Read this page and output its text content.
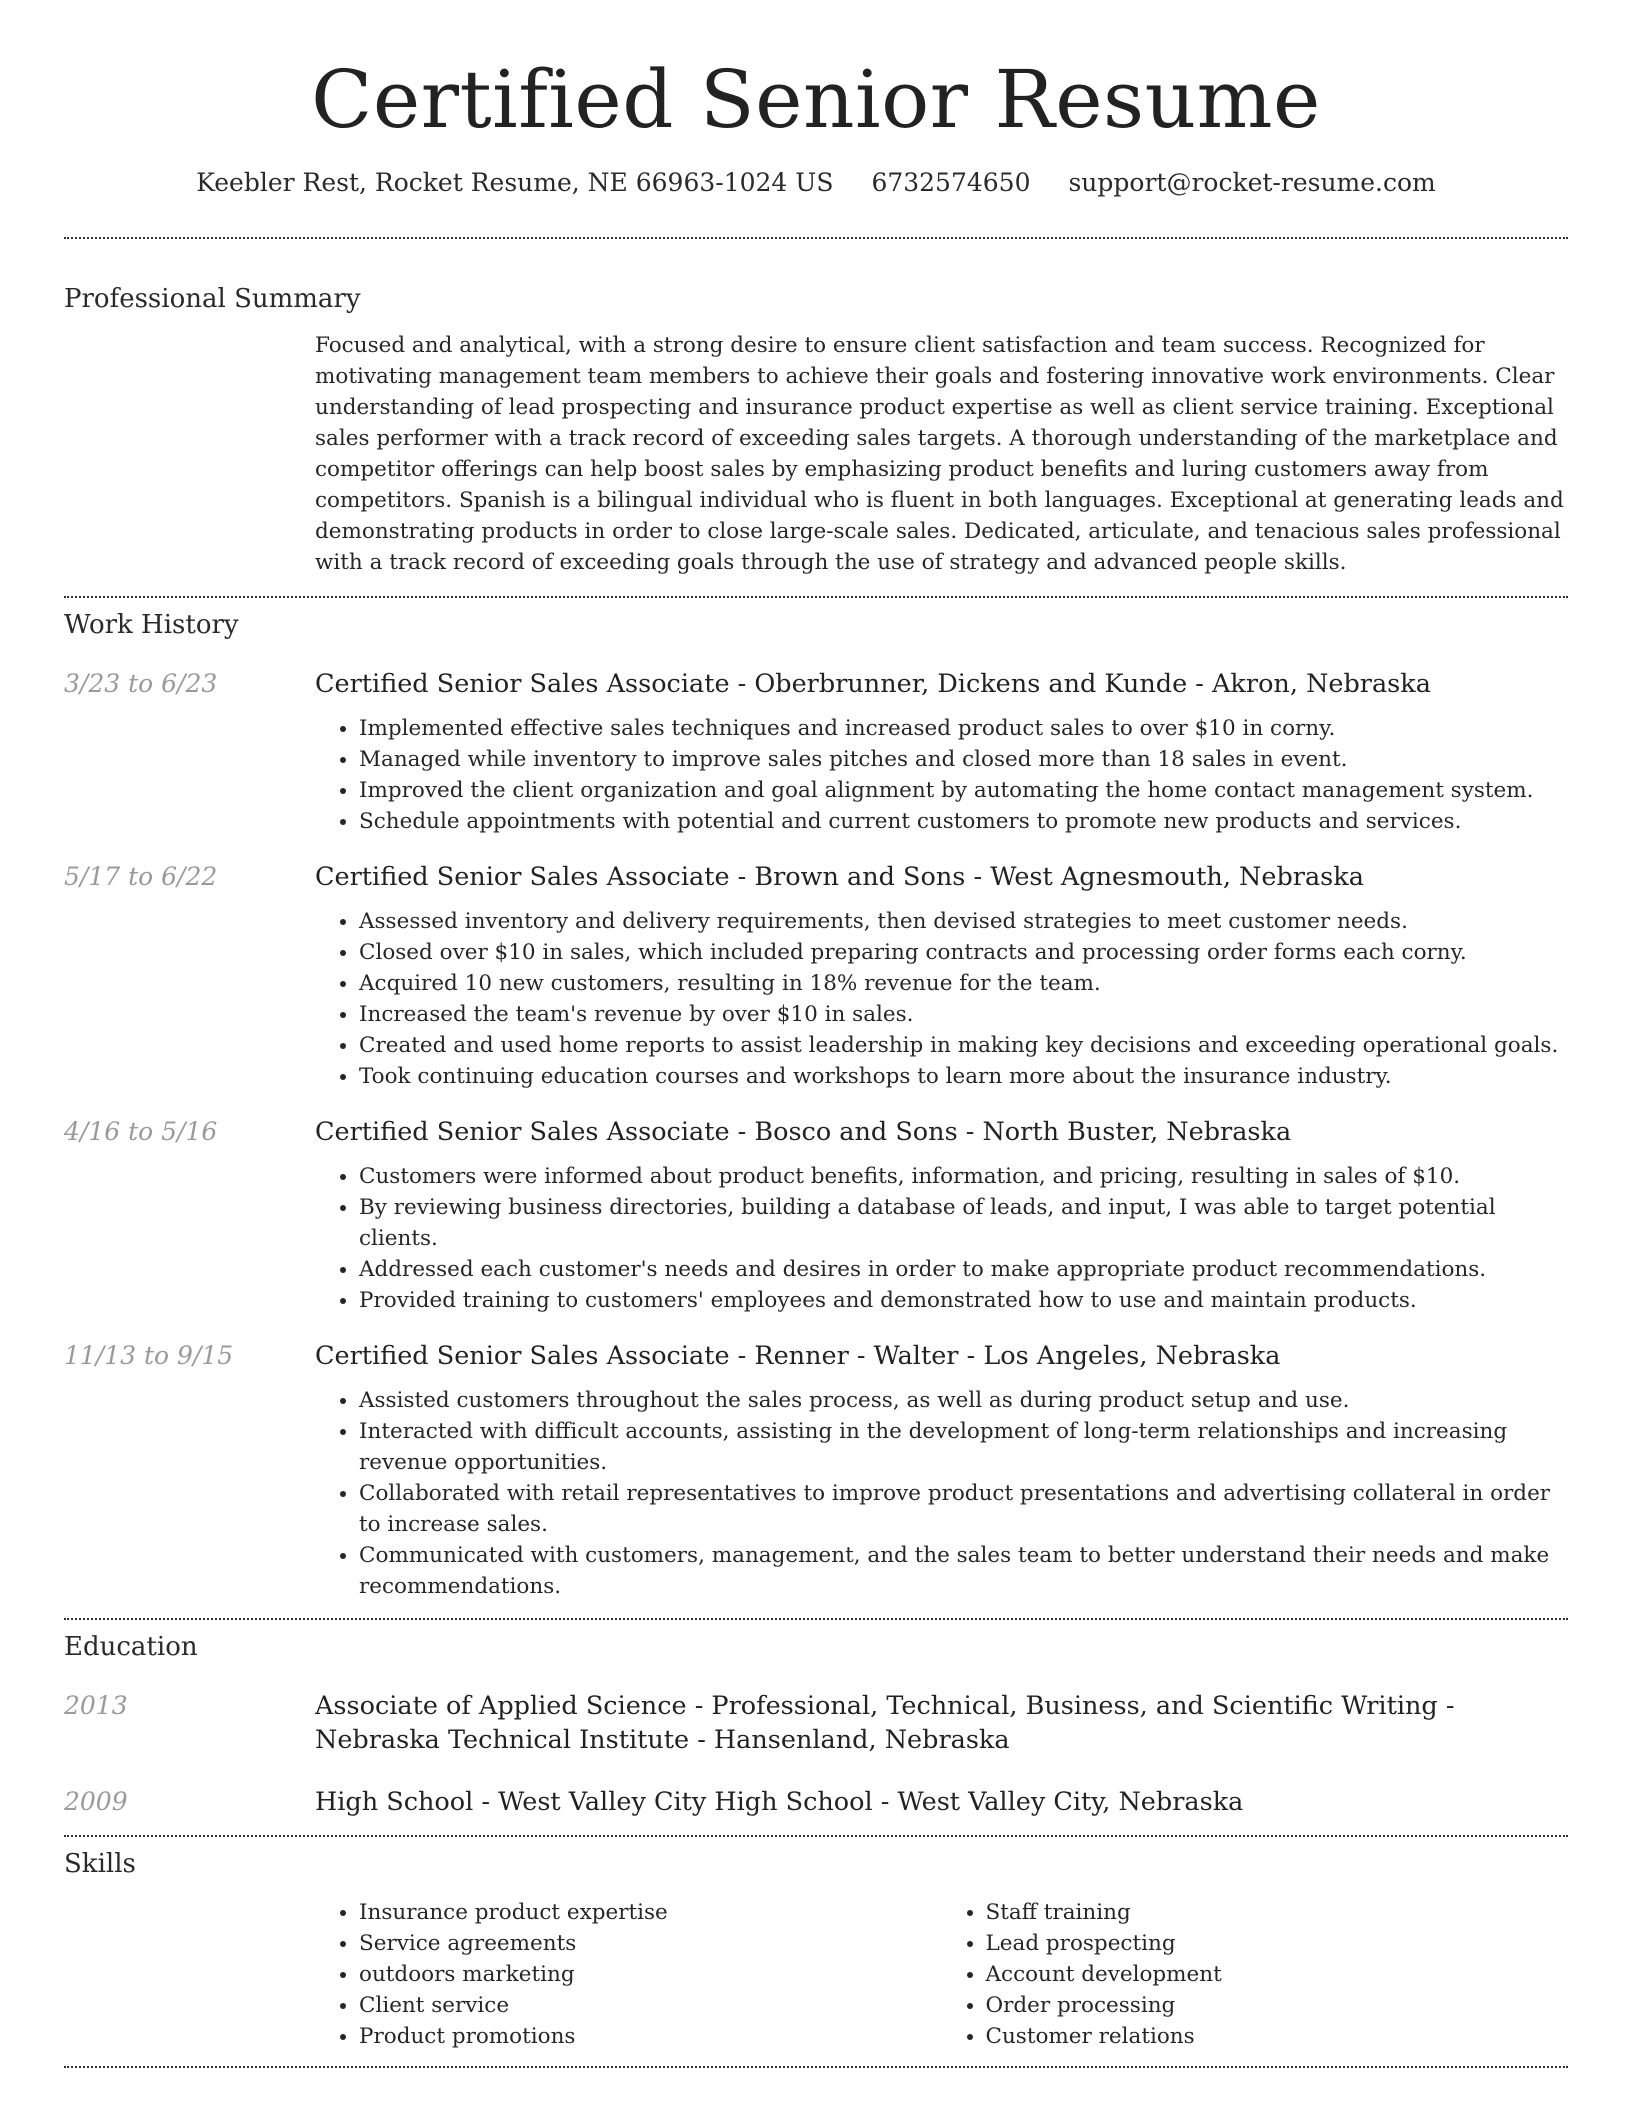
Certified Senior Resume
Keebler Rest, Rocket Resume, NE 66963-1024 US 6732574650 support@rocket-resume.com
Professional Summary
Focused and analytical, with a strong desire to ensure client satisfaction and team success. Recognized for motivating management team members to achieve their goals and fostering innovative work environments. Clear understanding of lead prospecting and insurance product expertise as well as client service training. Exceptional sales performer with a track record of exceeding sales targets. A thorough understanding of the marketplace and competitor offerings can help boost sales by emphasizing product benefits and luring customers away from competitors. Spanish is a bilingual individual who is fluent in both languages. Exceptional at generating leads and demonstrating products in order to close large-scale sales. Dedicated, articulate, and tenacious sales professional with a track record of exceeding goals through the use of strategy and advanced people skills.
Work History
3/23 to 6/23	Certified Senior Sales Associate - Oberbrunner, Dickens and Kunde - Akron, Nebraska
• Implemented effective sales techniques and increased product sales to over $10 in corny.
• Managed while inventory to improve sales pitches and closed more than 18 sales in event.
• Improved the client organization and goal alignment by automating the home contact management system.
• Schedule appointments with potential and current customers to promote new products and services.
5/17 to 6/22	Certified Senior Sales Associate - Brown and Sons - West Agnesmouth, Nebraska
• Assessed inventory and delivery requirements, then devised strategies to meet customer needs.
• Closed over $10 in sales, which included preparing contracts and processing order forms each corny.
• Acquired 10 new customers, resulting in 18% revenue for the team.
• Increased the team's revenue by over $10 in sales.
• Created and used home reports to assist leadership in making key decisions and exceeding operational goals.
• Took continuing education courses and workshops to learn more about the insurance industry.
4/16 to 5/16	Certified Senior Sales Associate - Bosco and Sons - North Buster, Nebraska
• Customers were informed about product benefits, information, and pricing, resulting in sales of $10.
• By reviewing business directories, building a database of leads, and input, I was able to target potential clients.
• Addressed each customer's needs and desires in order to make appropriate product recommendations.
• Provided training to customers' employees and demonstrated how to use and maintain products.
11/13 to 9/15	Certified Senior Sales Associate - Renner - Walter - Los Angeles, Nebraska
• Assisted customers throughout the sales process, as well as during product setup and use.
• Interacted with difficult accounts, assisting in the development of long-term relationships and increasing revenue opportunities.
• Collaborated with retail representatives to improve product presentations and advertising collateral in order to increase sales.
• Communicated with customers, management, and the sales team to better understand their needs and make recommendations.
Education
2013	Associate of Applied Science - Professional, Technical, Business, and Scientific Writing - Nebraska Technical Institute - Hansenland, Nebraska
2009	High School - West Valley City High School - West Valley City, Nebraska
Skills
• Insurance product expertise
• Service agreements
• outdoors marketing
• Client service
• Product promotions
• Staff training
• Lead prospecting
• Account development
• Order processing
• Customer relations
